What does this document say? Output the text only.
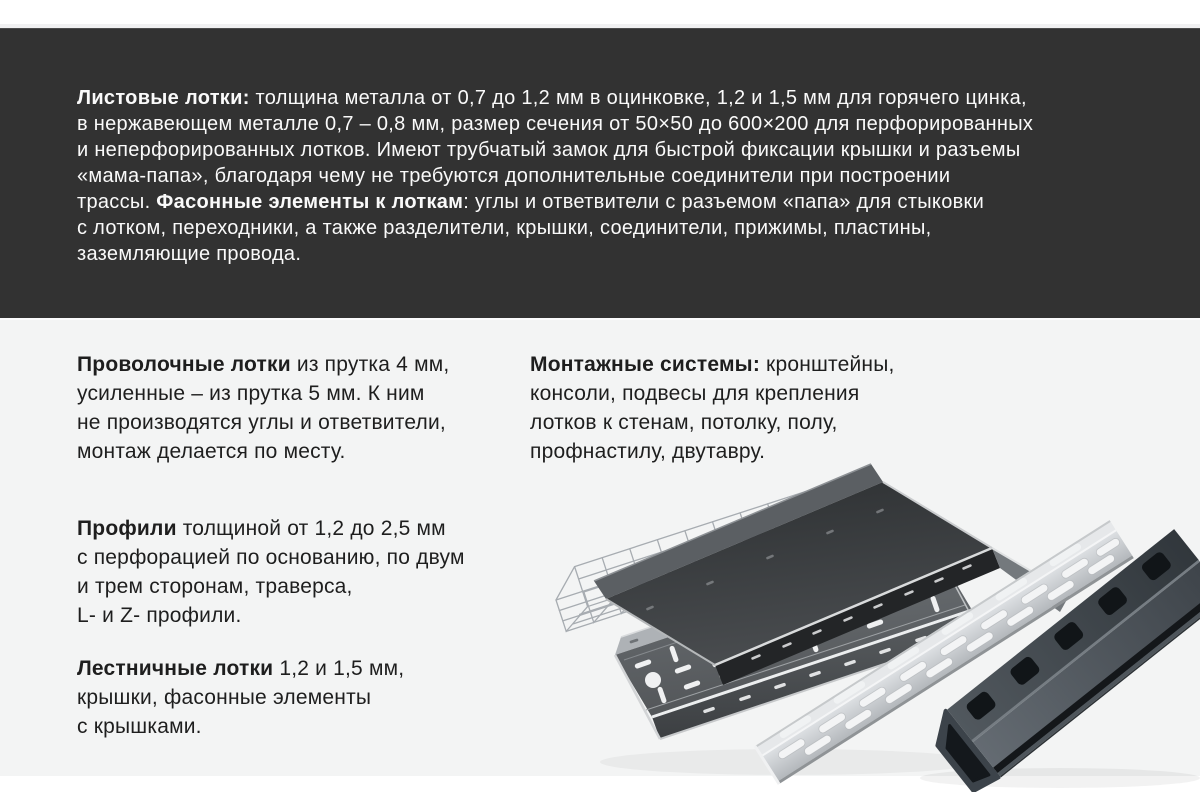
Листовые лотки: толщина металла от 0,7 до 1,2 мм в оцинковке, 1,2 и 1,5 мм для горячего цинка,
в нержавеющем металле 0,7 – 0,8 мм, размер сечения от 50×50 до 600×200 для перфорированных
и неперфорированных лотков. Имеют трубчатый замок для быстрой фиксации крышки и разъемы
«мама-папа», благодаря чему не требуются дополнительные соединители при построении
трассы. Фасонные элементы к лоткам: углы и ответвители с разъемом «папа» для стыковки
с лотком, переходники, а также разделители, крышки, соединители, прижимы, пластины,
заземляющие провода.
Проволочные лотки из прутка 4 мм,
усиленные – из прутка 5 мм. К ним
не производятся углы и ответвители,
монтаж делается по месту.
Монтажные системы: кронштейны,
консоли, подвесы для крепления
лотков к стенам, потолку, полу,
профнастилу, двутавру.
Профили толщиной от 1,2 до 2,5 мм
с перфорацией по основанию, по двум
и трем сторонам, траверса,
L- и Z- профили.
Лестничные лотки 1,2 и 1,5 мм,
крышки, фасонные элементы
с крышками.
